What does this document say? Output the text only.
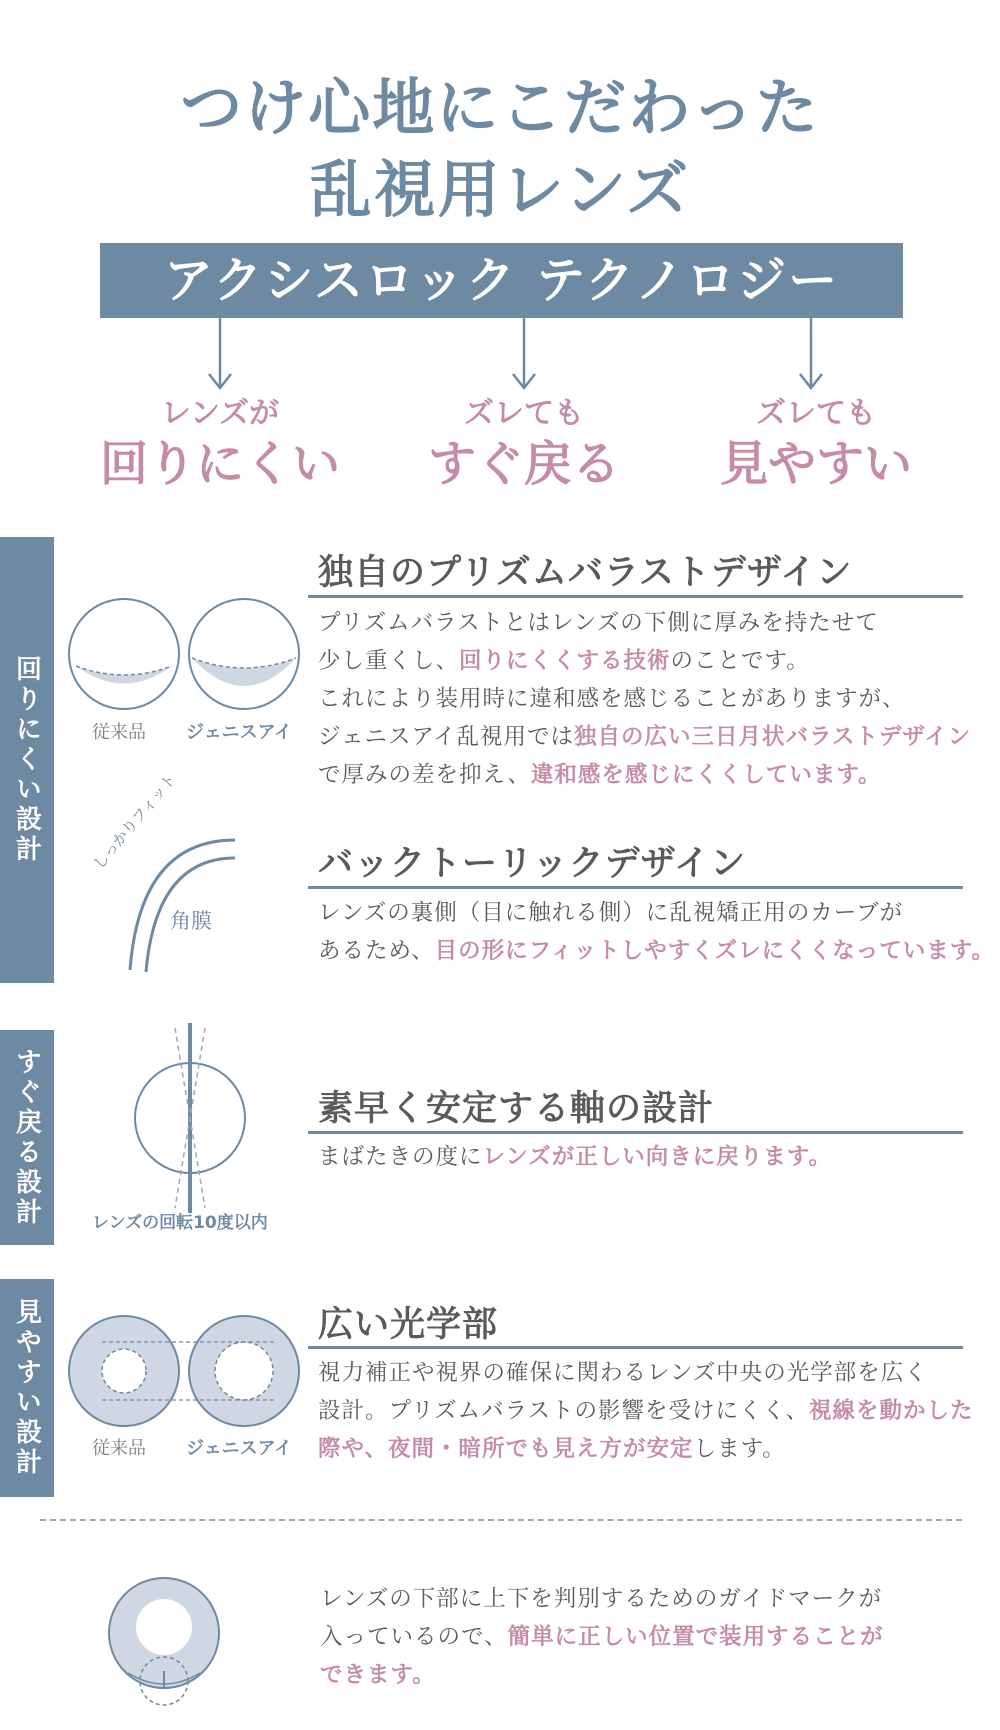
つけ心地にこだわった
乱視用レンズ
アクシスロック テクノロジー
レンズが
回りにくい
ズレても
すぐ戻る
ズレても
見やすい
回りにくい設計
すぐ戻る設計
見やすい設計
従来品 ジェニスアイ
独自のプリズムバラストデザイン
プリズムバラストとはレンズの下側に厚みを持たせて
少し重くし、回りにくくする技術のことです。
これにより装用時に違和感を感じることがありますが、
ジェニスアイ乱視用では独自の広い三日月状バラストデザイン
で厚みの差を抑え、違和感を感じにくくしています。
しっかりフィット
角膜
バックトーリックデザイン
レンズの裏側（目に触れる側）に乱視矯正用のカーブが
あるため、目の形にフィットしやすくズレにくくなっています。
レンズの回転10度以内
素早く安定する軸の設計
まばたきの度にレンズが正しい向きに戻ります。
従来品 ジェニスアイ
広い光学部
視力補正や視界の確保に関わるレンズ中央の光学部を広く
設計。プリズムバラストの影響を受けにくく、視線を動かした
際や、夜間・暗所でも見え方が安定します。
レンズの下部に上下を判別するためのガイドマークが
入っているので、簡単に正しい位置で装用することが
できます。
